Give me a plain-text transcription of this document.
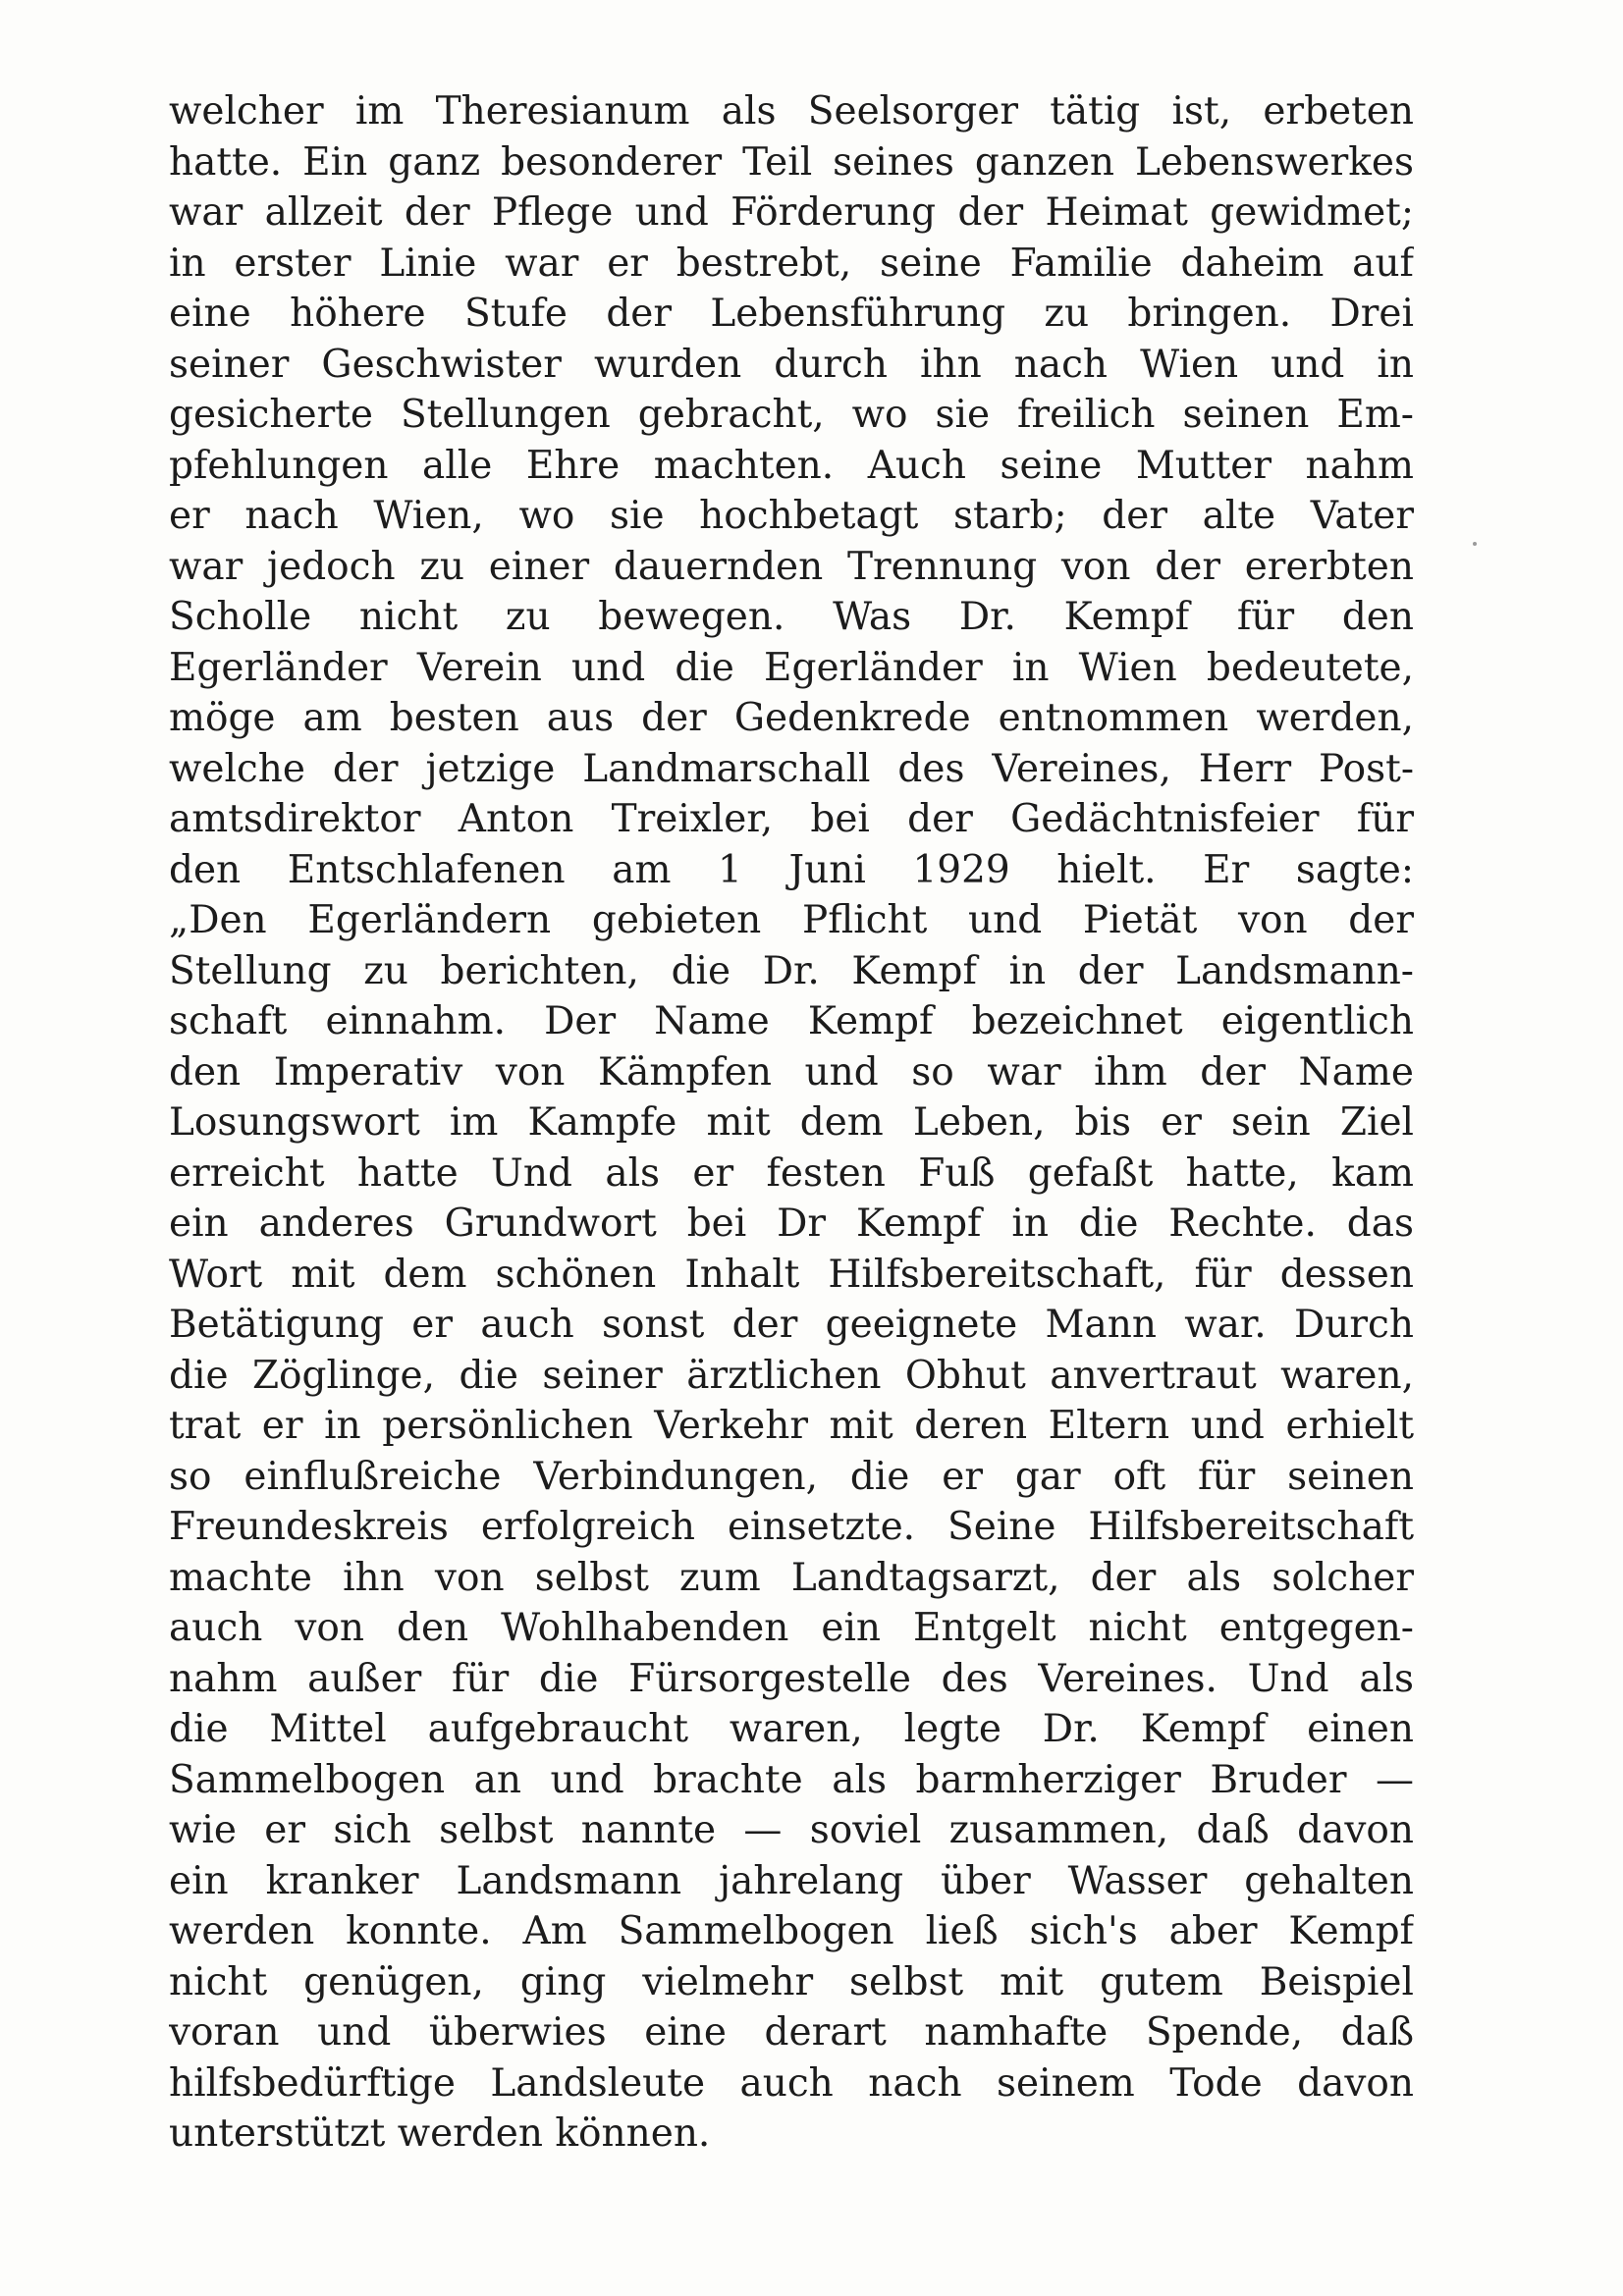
welcher im Theresianum als Seelsorger tätig ist, erbeten
hatte. Ein ganz besonderer Teil seines ganzen Lebenswerkes
war allzeit der Pflege und Förderung der Heimat gewidmet;
in erster Linie war er bestrebt, seine Familie daheim auf
eine höhere Stufe der Lebensführung zu bringen. Drei
seiner Geschwister wurden durch ihn nach Wien und in
gesicherte Stellungen gebracht, wo sie freilich seinen Em-
pfehlungen alle Ehre machten. Auch seine Mutter nahm
er nach Wien, wo sie hochbetagt starb; der alte Vater
war jedoch zu einer dauernden Trennung von der ererbten
Scholle nicht zu bewegen. Was Dr. Kempf für den
Egerländer Verein und die Egerländer in Wien bedeutete,
möge am besten aus der Gedenkrede entnommen werden,
welche der jetzige Landmarschall des Vereines, Herr Post-
amtsdirektor Anton Treixler, bei der Gedächtnisfeier für
den Entschlafenen am 1 Juni 1929 hielt. Er sagte:
„Den Egerländern gebieten Pflicht und Pietät von der
Stellung zu berichten, die Dr. Kempf in der Landsmann-
schaft einnahm. Der Name Kempf bezeichnet eigentlich
den Imperativ von Kämpfen und so war ihm der Name
Losungswort im Kampfe mit dem Leben, bis er sein Ziel
erreicht hatte Und als er festen Fuß gefaßt hatte, kam
ein anderes Grundwort bei Dr Kempf in die Rechte. das
Wort mit dem schönen Inhalt Hilfsbereitschaft, für dessen
Betätigung er auch sonst der geeignete Mann war. Durch
die Zöglinge, die seiner ärztlichen Obhut anvertraut waren,
trat er in persönlichen Verkehr mit deren Eltern und erhielt
so einflußreiche Verbindungen, die er gar oft für seinen
Freundeskreis erfolgreich einsetzte. Seine Hilfsbereitschaft
machte ihn von selbst zum Landtagsarzt, der als solcher
auch von den Wohlhabenden ein Entgelt nicht entgegen-
nahm außer für die Fürsorgestelle des Vereines. Und als
die Mittel aufgebraucht waren, legte Dr. Kempf einen
Sammelbogen an und brachte als barmherziger Bruder —
wie er sich selbst nannte — soviel zusammen, daß davon
ein kranker Landsmann jahrelang über Wasser gehalten
werden konnte. Am Sammelbogen ließ sich's aber Kempf
nicht genügen, ging vielmehr selbst mit gutem Beispiel
voran und überwies eine derart namhafte Spende, daß
hilfsbedürftige Landsleute auch nach seinem Tode davon
unterstützt werden können.
